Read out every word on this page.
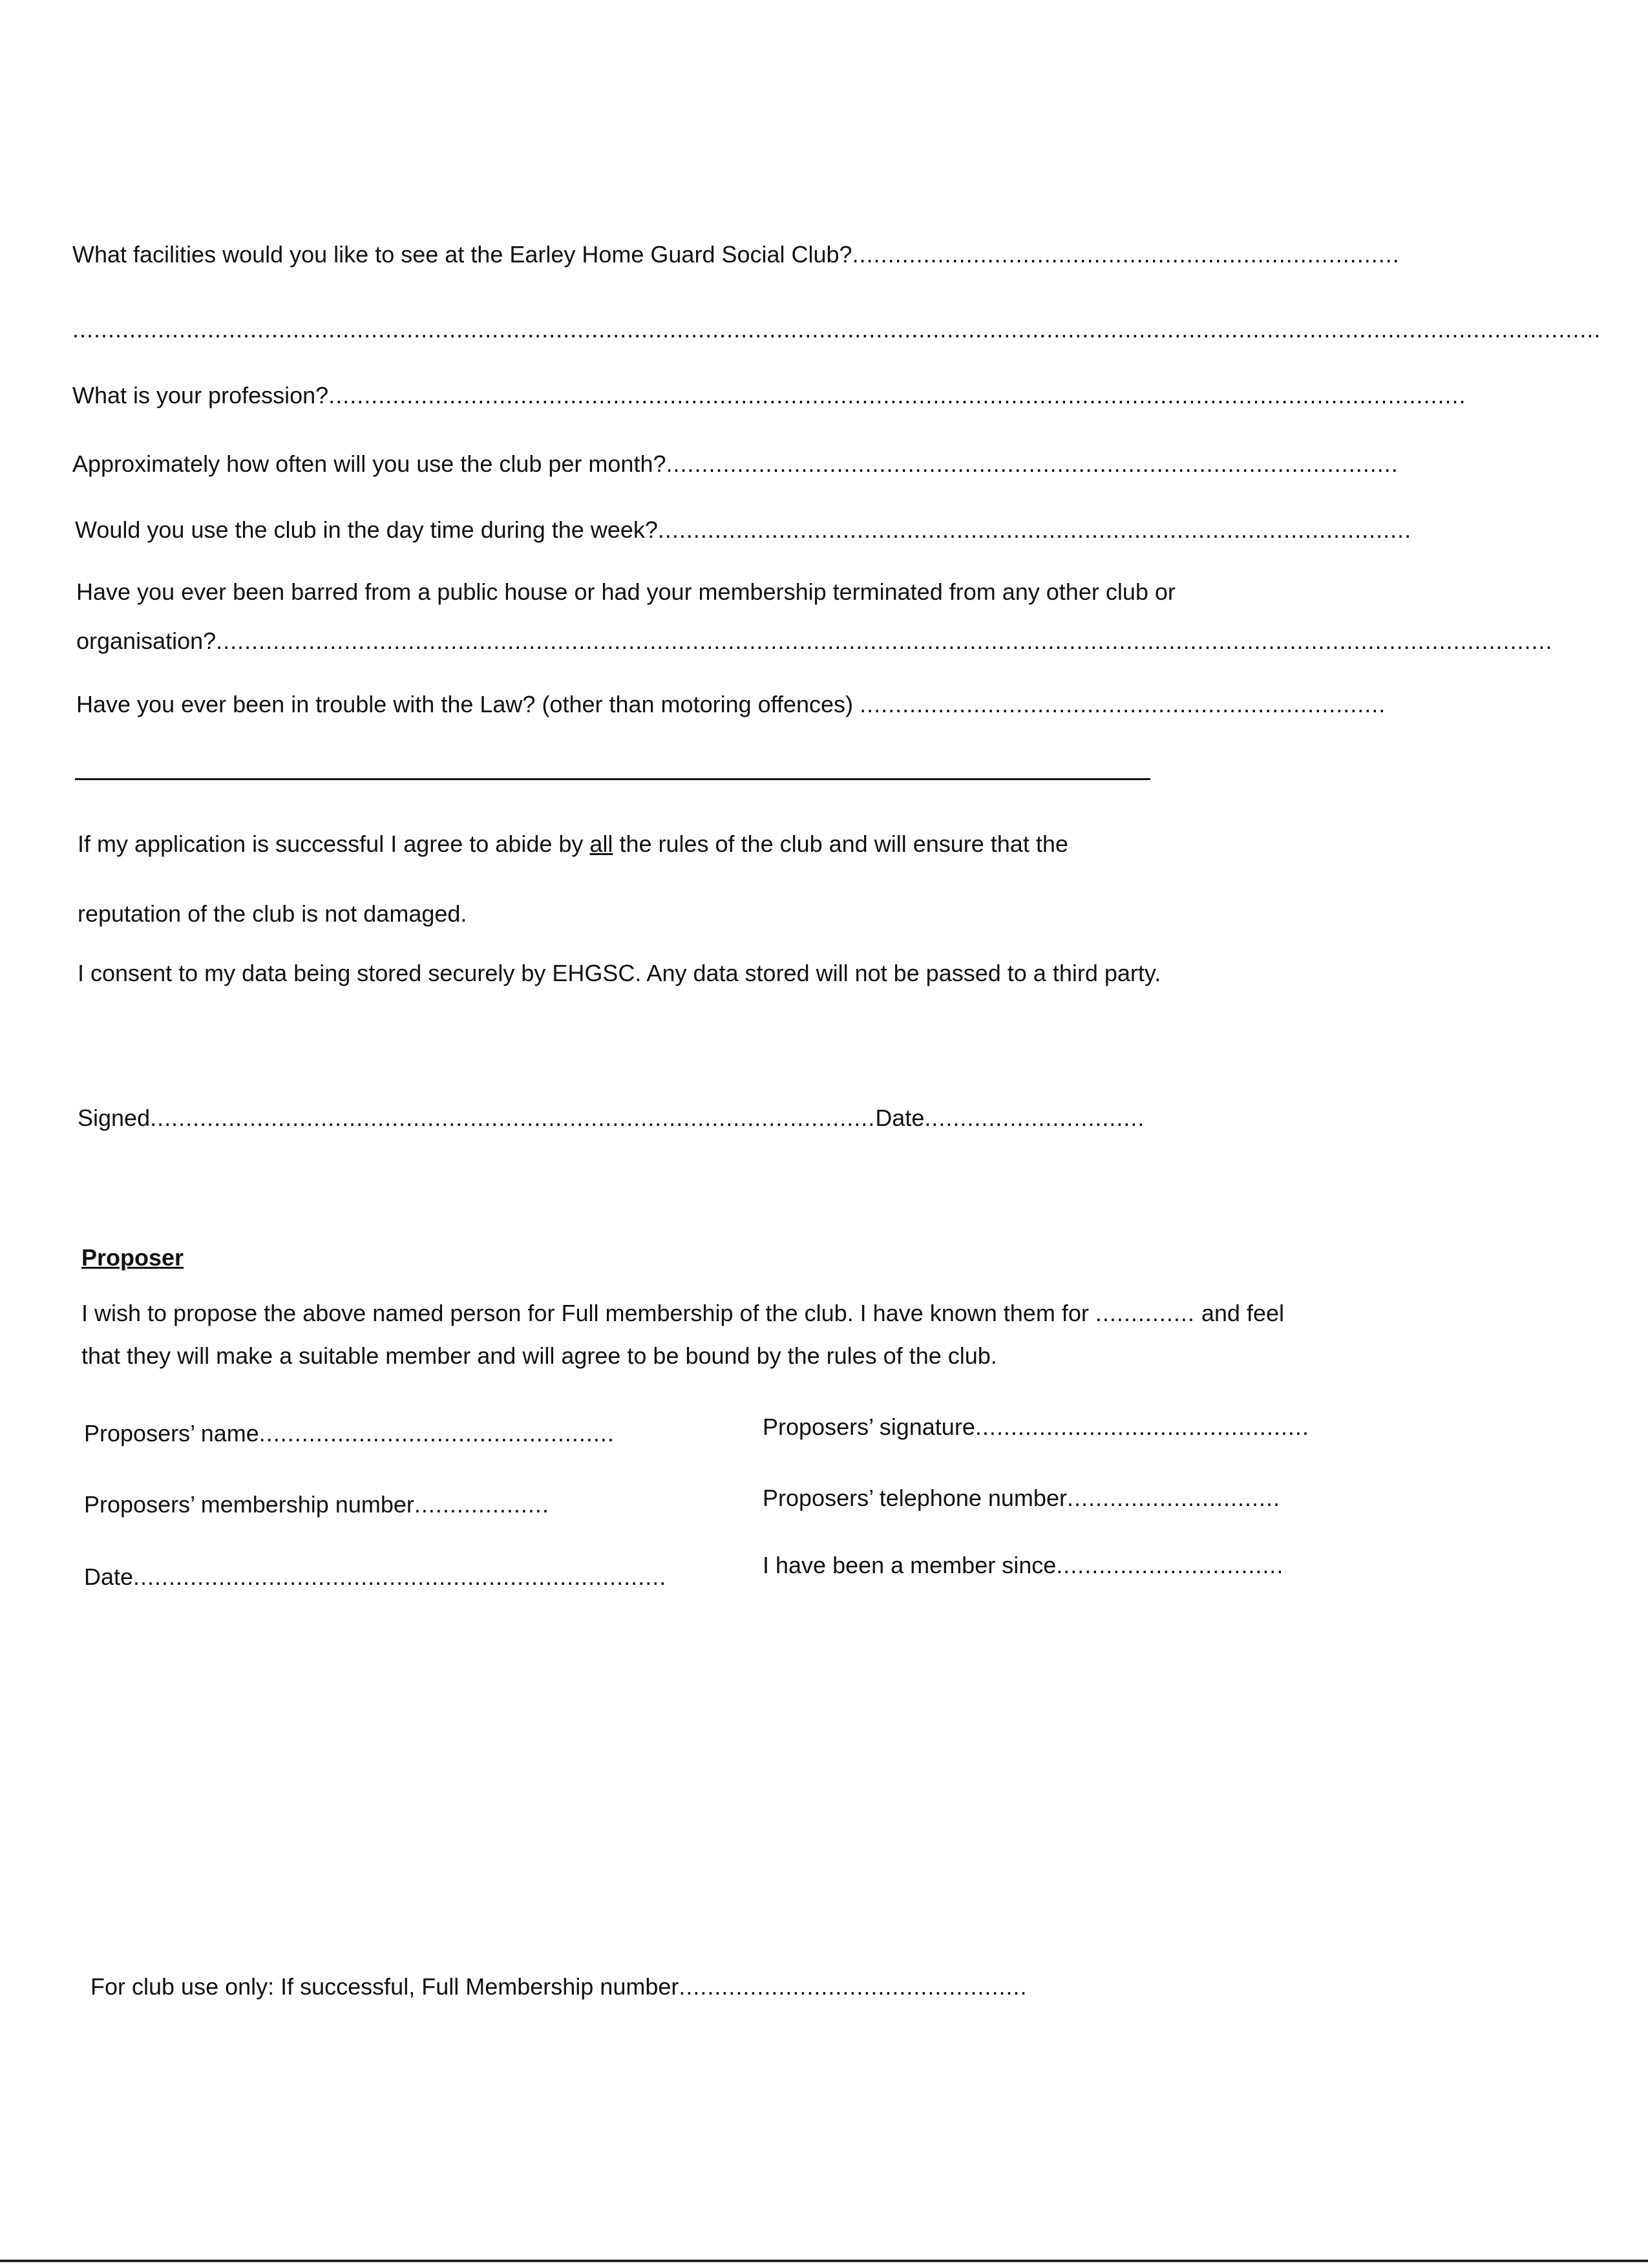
What facilities would you like to see at the Earley Home Guard Social Club?.............................................................................
.......................................................................................................................................................................................................................
What is your profession?................................................................................................................................................................
Approximately how often will you use the club per month?.......................................................................................................
Would you use the club in the day time during the week?..........................................................................................................
Have you ever been barred from a public house or had your membership terminated from any other club or
organisation?............................................................................................................................................................................................
Have you ever been in trouble with the Law? (other than motoring offences) ..........................................................................
If my application is successful I agree to abide by all the rules of the club and will ensure that the
reputation of the club is not damaged.
I consent to my data being stored securely by EHGSC. Any data stored will not be passed to a third party.
Signed......................................................................................................Date...............................
Proposer
I wish to propose the above named person for Full membership of the club. I have known them for .............. and feel
that they will make a suitable member and will agree to be bound by the rules of the club.
Proposers’ name..................................................
Proposers’ membership number...................
Date...........................................................................
Proposers’ signature...............................................
Proposers’ telephone number..............................
I have been a member since................................
For club use only: If successful, Full Membership number.................................................
